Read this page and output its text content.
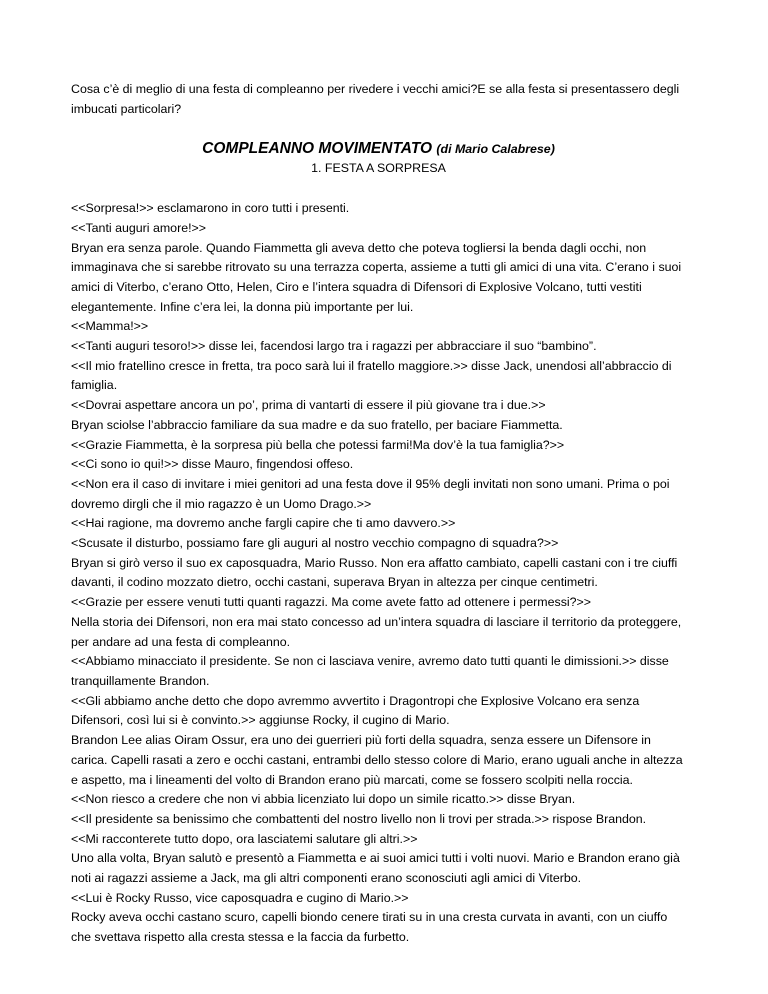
Cosa c’è di meglio di una festa di compleanno per rivedere i vecchi amici?E se alla festa si presentassero degli imbucati particolari?

COMPLEANNO MOVIMENTATO (di Mario Calabrese)

1. FESTA A SORPRESA

<<Sorpresa!>> esclamarono in coro tutti i presenti.

<<Tanti auguri amore!>>

Bryan era senza parole. Quando Fiammetta gli aveva detto che poteva togliersi la benda dagli occhi, non immaginava che si sarebbe ritrovato su una terrazza coperta, assieme a tutti gli amici di una vita. C’erano i suoi amici di Viterbo, c’erano Otto, Helen, Ciro e l’intera squadra di Difensori di Explosive Volcano, tutti vestiti elegantemente. Infine c’era lei, la donna più importante per lui.

<<Mamma!>>

<<Tanti auguri tesoro!>> disse lei, facendosi largo tra i ragazzi per abbracciare il suo “bambino”.

<<Il mio fratellino cresce in fretta, tra poco sarà lui il fratello maggiore.>> disse Jack, unendosi all’abbraccio di famiglia.

<<Dovrai aspettare ancora un po’, prima di vantarti di essere il più giovane tra i due.>>

Bryan sciolse l’abbraccio familiare da sua madre e da suo fratello, per baciare Fiammetta.

<<Grazie Fiammetta, è la sorpresa più bella che potessi farmi!Ma dov’è la tua famiglia?>>

<<Ci sono io qui!>> disse Mauro, fingendosi offeso.

<<Non era il caso di invitare i miei genitori ad una festa dove il 95% degli invitati non sono umani. Prima o poi dovremo dirgli che il mio ragazzo è un Uomo Drago.>>

<<Hai ragione, ma dovremo anche fargli capire che ti amo davvero.>>

<Scusate il disturbo, possiamo fare gli auguri al nostro vecchio compagno di squadra?>>

Bryan si girò verso il suo ex caposquadra, Mario Russo. Non era affatto cambiato, capelli castani con i tre ciuffi davanti, il codino mozzato dietro, occhi castani, superava Bryan in altezza per cinque centimetri.

<<Grazie per essere venuti tutti quanti ragazzi. Ma come avete fatto ad ottenere i permessi?>>

Nella storia dei Difensori, non era mai stato concesso ad un’intera squadra di lasciare il territorio da proteggere, per andare ad una festa di compleanno.

<<Abbiamo minacciato il presidente. Se non ci lasciava venire, avremo dato tutti quanti le dimissioni.>> disse tranquillamente Brandon.

<<Gli abbiamo anche detto che dopo avremmo avvertito i Dragontropi che Explosive Volcano era senza Difensori, così lui si è convinto.>> aggiunse Rocky, il cugino di Mario.

Brandon Lee alias Oiram Ossur, era uno dei guerrieri più forti della squadra, senza essere un Difensore in carica. Capelli rasati a zero e occhi castani, entrambi dello stesso colore di Mario, erano uguali anche in altezza e aspetto, ma i lineamenti del volto di Brandon erano più marcati, come se fossero scolpiti nella roccia.

<<Non riesco a credere che non vi abbia licenziato lui dopo un simile ricatto.>> disse Bryan.

<<Il presidente sa benissimo che combattenti del nostro livello non li trovi per strada.>> rispose Brandon.

<<Mi racconterete tutto dopo, ora lasciatemi salutare gli altri.>>

Uno alla volta, Bryan salutò e presentò a Fiammetta e ai suoi amici tutti i volti nuovi. Mario e Brandon erano già noti ai ragazzi assieme a Jack, ma gli altri componenti erano sconosciuti agli amici di Viterbo.

<<Lui è Rocky Russo, vice caposquadra e cugino di Mario.>>

Rocky aveva occhi castano scuro, capelli biondo cenere tirati su in una cresta curvata in avanti, con un ciuffo che svettava rispetto alla cresta stessa e la faccia da furbetto.
